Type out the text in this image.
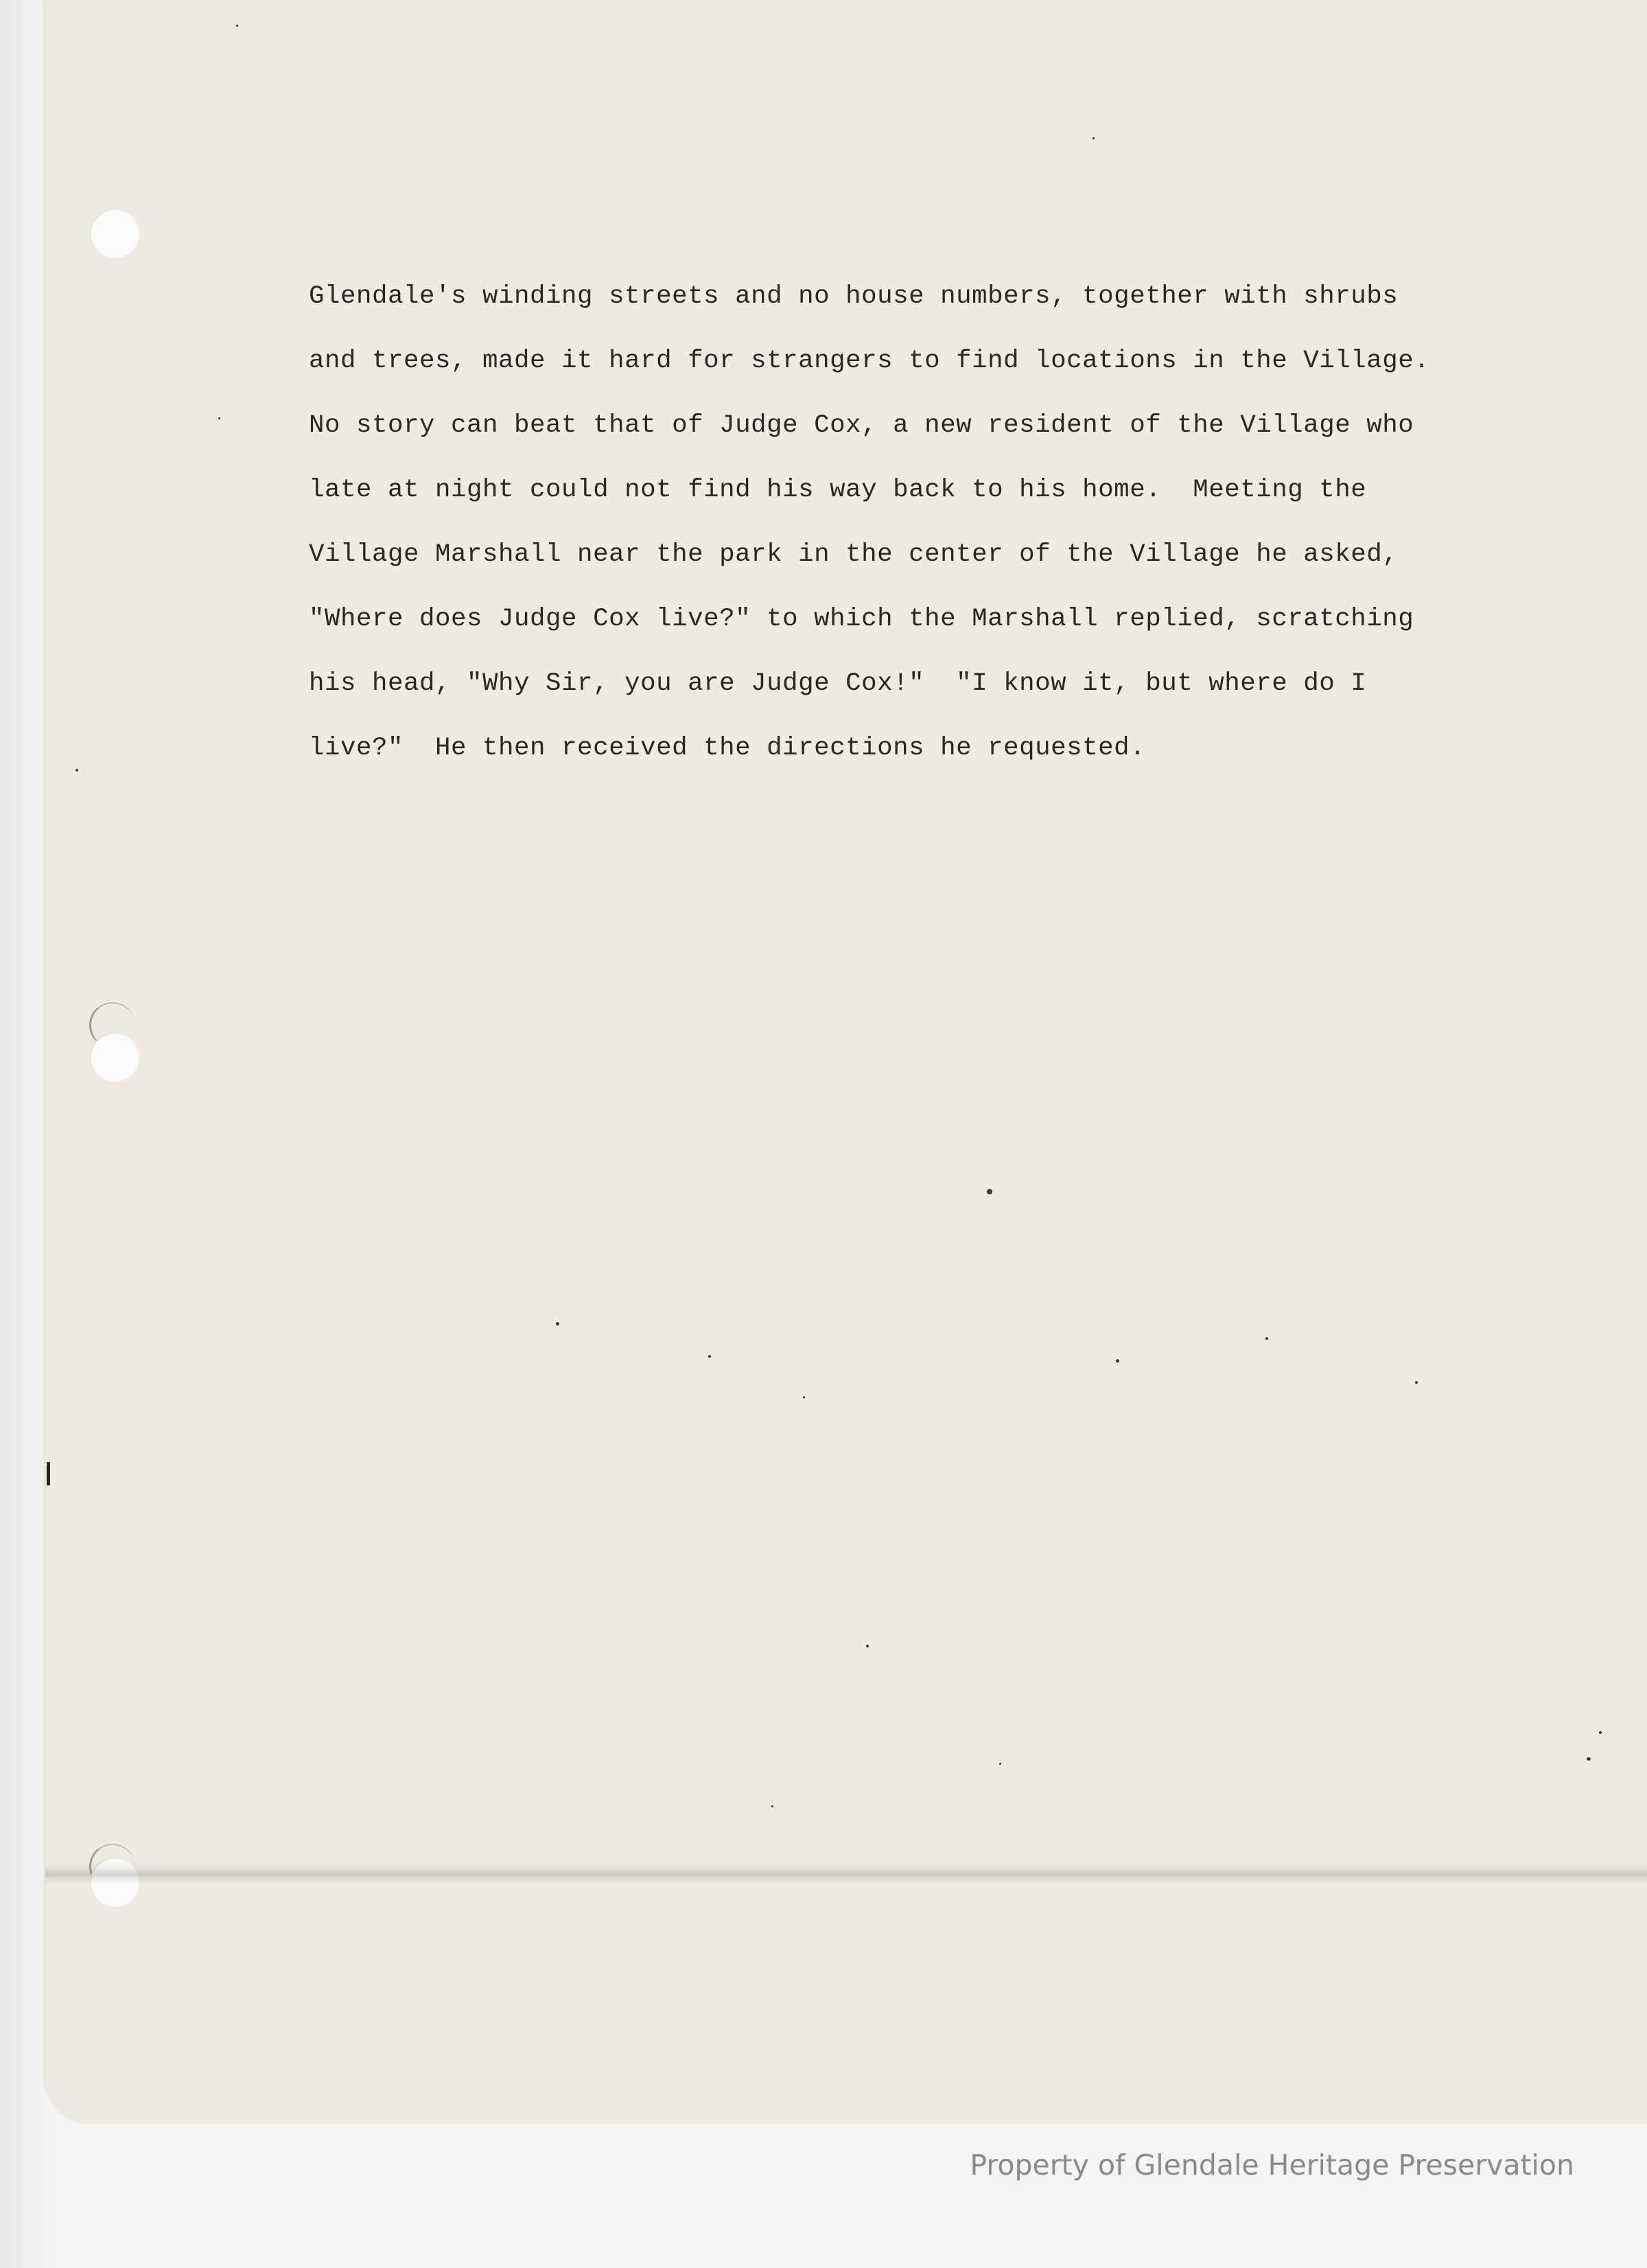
Glendale's winding streets and no house numbers, together with shrubs
and trees, made it hard for strangers to find locations in the Village.
No story can beat that of Judge Cox, a new resident of the Village who
late at night could not find his way back to his home.  Meeting the
Village Marshall near the park in the center of the Village he asked,
"Where does Judge Cox live?" to which the Marshall replied, scratching
his head, "Why Sir, you are Judge Cox!"  "I know it, but where do I
live?"  He then received the directions he requested.

Property of Glendale Heritage Preservation
